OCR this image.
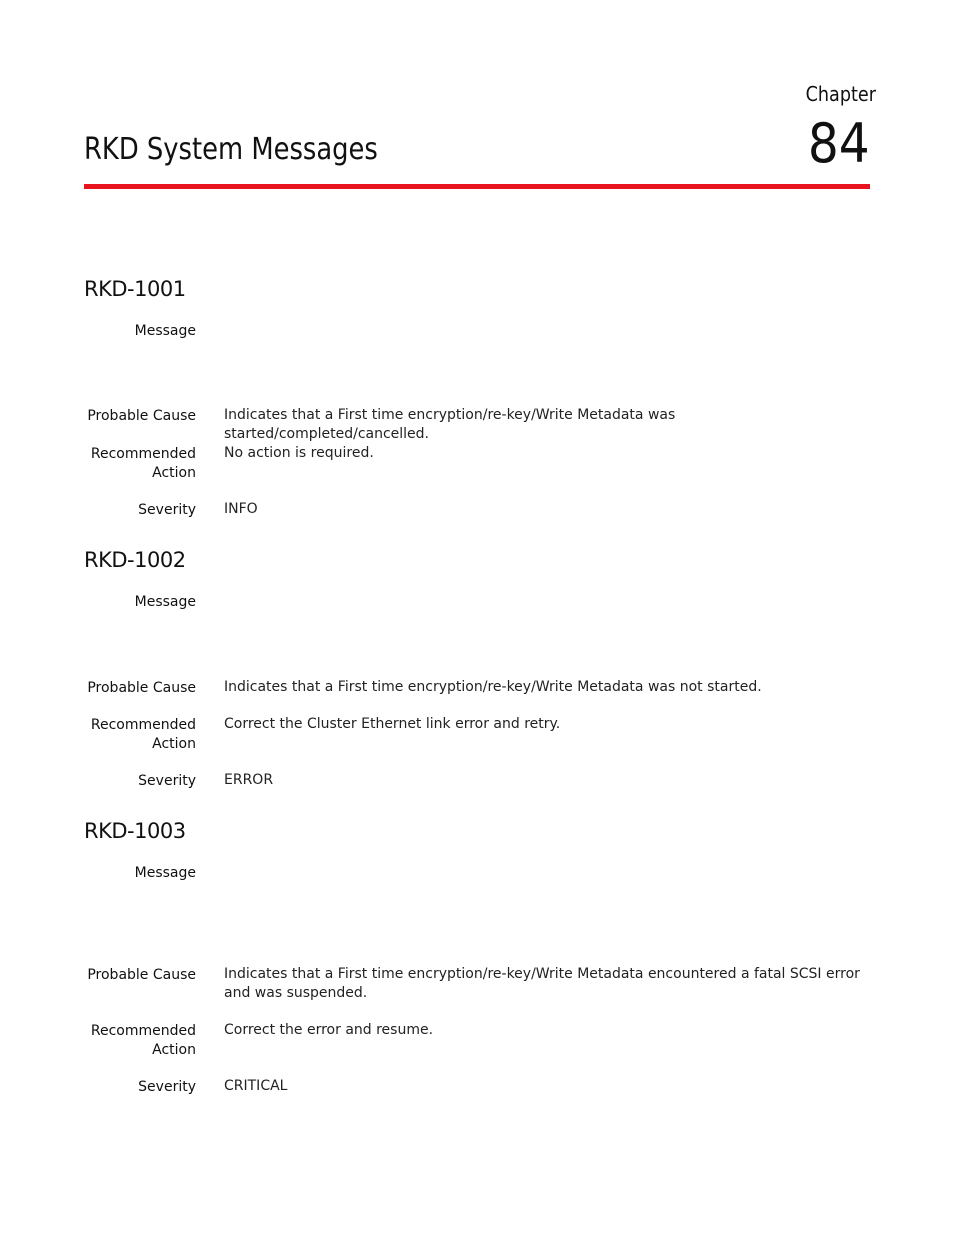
Chapter
84
RKD System Messages
RKD-1001
Message
Probable Cause Indicates that a First time encryption/re-key/Write Metadata was started/completed/cancelled.
Recommended
Action
No action is required.
Severity INFO
RKD-1002
Message
Probable Cause Indicates that a First time encryption/re-key/Write Metadata was not started.
Recommended
Action
Correct the Cluster Ethernet link error and retry.
Severity ERROR
RKD-1003
Message
Probable Cause Indicates that a First time encryption/re-key/Write Metadata encountered a fatal SCSI error and was suspended.
Recommended
Action
Correct the error and resume.
Severity CRITICAL
